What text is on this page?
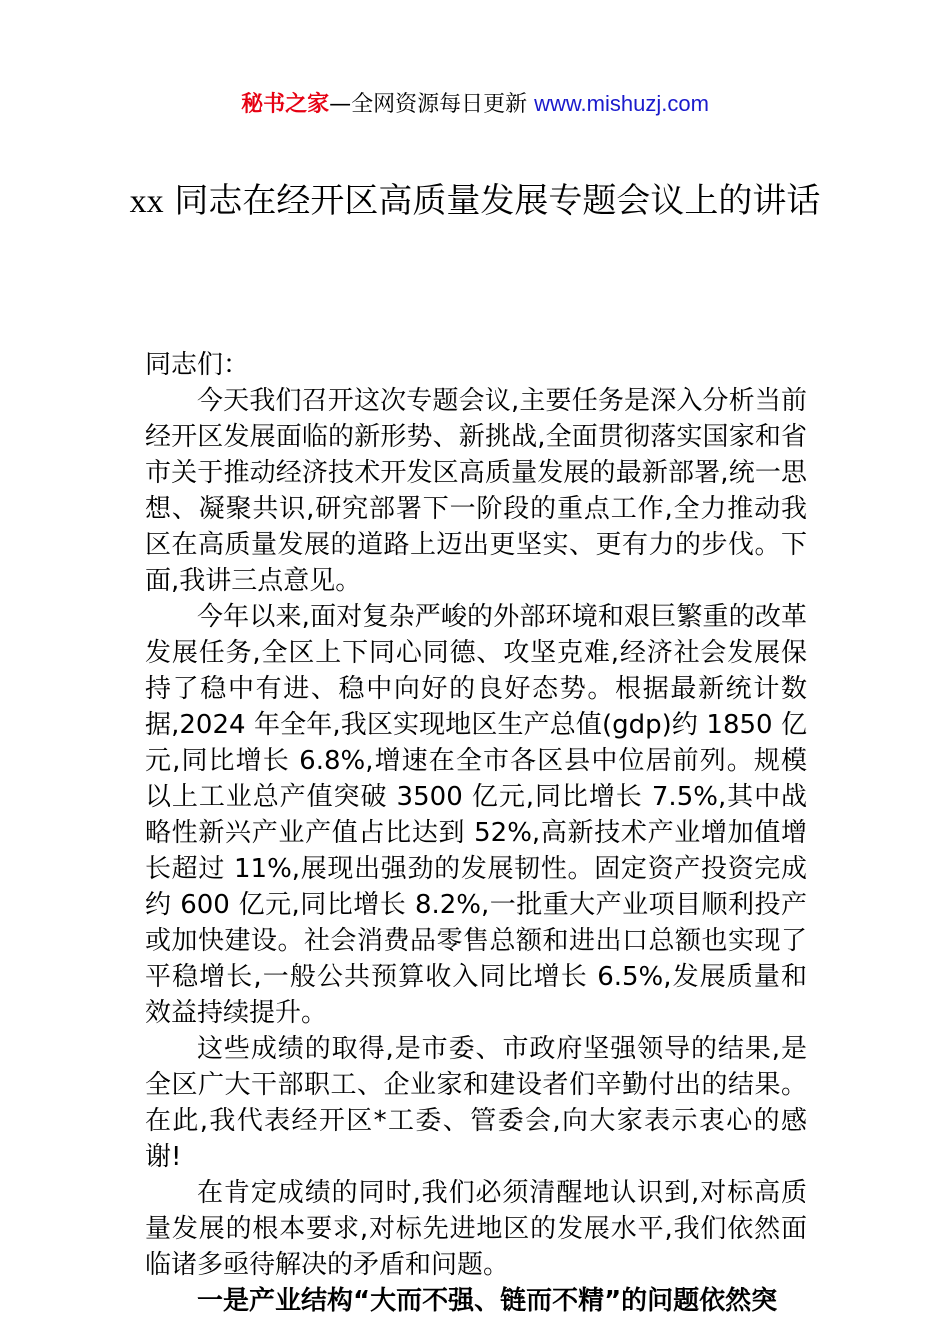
秘书之家—全网资源每日更新 www.mishuzj.com
xx 同志在经开区高质量发展专题会议上的讲话

同志们：

今天我们召开这次专题会议,主要任务是深入分析当前经开区发展面临的新形势、新挑战,全面贯彻落实国家和省市关于推动经济技术开发区高质量发展的最新部署,统一思想、凝聚共识,研究部署下一阶段的重点工作,全力推动我区在高质量发展的道路上迈出更坚实、更有力的步伐。下面,我讲三点意见。

今年以来,面对复杂严峻的外部环境和艰巨繁重的改革发展任务,全区上下同心同德、攻坚克难,经济社会发展保持了稳中有进、稳中向好的良好态势。根据最新统计数据,2024 年全年,我区实现地区生产总值(gdp)约 1850 亿元,同比增长 6.8%,增速在全市各区县中位居前列。规模以上工业总产值突破 3500 亿元,同比增长 7.5%,其中战略性新兴产业产值占比达到 52%,高新技术产业增加值增长超过 11%,展现出强劲的发展韧性。固定资产投资完成约 600 亿元,同比增长 8.2%,一批重大产业项目顺利投产或加快建设。社会消费品零售总额和进出口总额也实现了平稳增长,一般公共预算收入同比增长 6.5%,发展质量和效益持续提升。

这些成绩的取得,是市委、市政府坚强领导的结果,是全区广大干部职工、企业家和建设者们辛勤付出的结果。在此,我代表经开区*工委、管委会,向大家表示衷心的感谢!

在肯定成绩的同时,我们必须清醒地认识到,对标高质量发展的根本要求,对标先进地区的发展水平,我们依然面临诸多亟待解决的矛盾和问题。

一是产业结构“大而不强、链而不精”的问题依然突
